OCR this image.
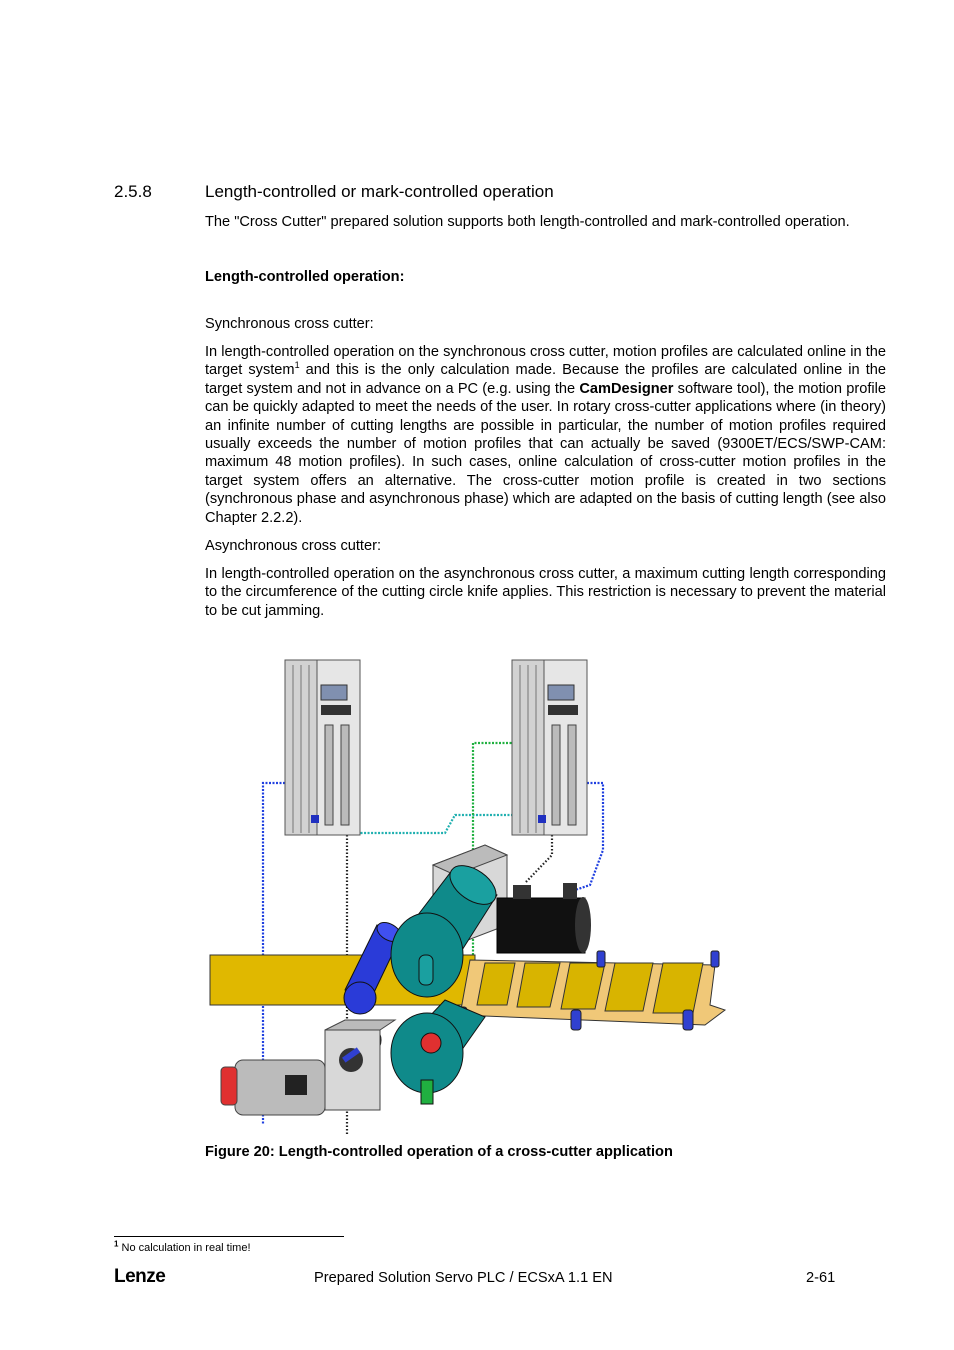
2.5.8	Length-controlled or mark-controlled operation

The "Cross Cutter" prepared solution supports both length-controlled and mark-controlled operation.

Length-controlled operation:
Synchronous cross cutter:

In length-controlled operation on the synchronous cross cutter, motion profiles are calculated online in the target system$^1$ and this is the only calculation made. Because the profiles are calculated online in the target system and not in advance on a PC (e.g. using the CamDesigner software tool), the motion profile can be quickly adapted to meet the needs of the user. In rotary cross-cutter applications where (in theory) an infinite number of cutting lengths are possible in particular, the number of motion profiles required usually exceeds the number of motion profiles that can actually be saved (9300ET/ECS/SWP-CAM: maximum 48 motion profiles). In such cases, online calculation of cross-cutter motion profiles in the target system offers an alternative. The cross-cutter motion profile is created in two sections (synchronous phase and asynchronous phase) which are adapted on the basis of cutting length (see also Chapter 2.2.2).

Asynchronous cross cutter:

In length-controlled operation on the asynchronous cross cutter, a maximum cutting length corresponding to the circumference of the cutting circle knife applies. This restriction is necessary to prevent the material to be cut jamming.

Figure 20: Length-controlled operation of a cross-cutter application
$^1$ No calculation in real time!
Lenze	Prepared Solution Servo PLC / ECSxA 1.1 EN	2-61
